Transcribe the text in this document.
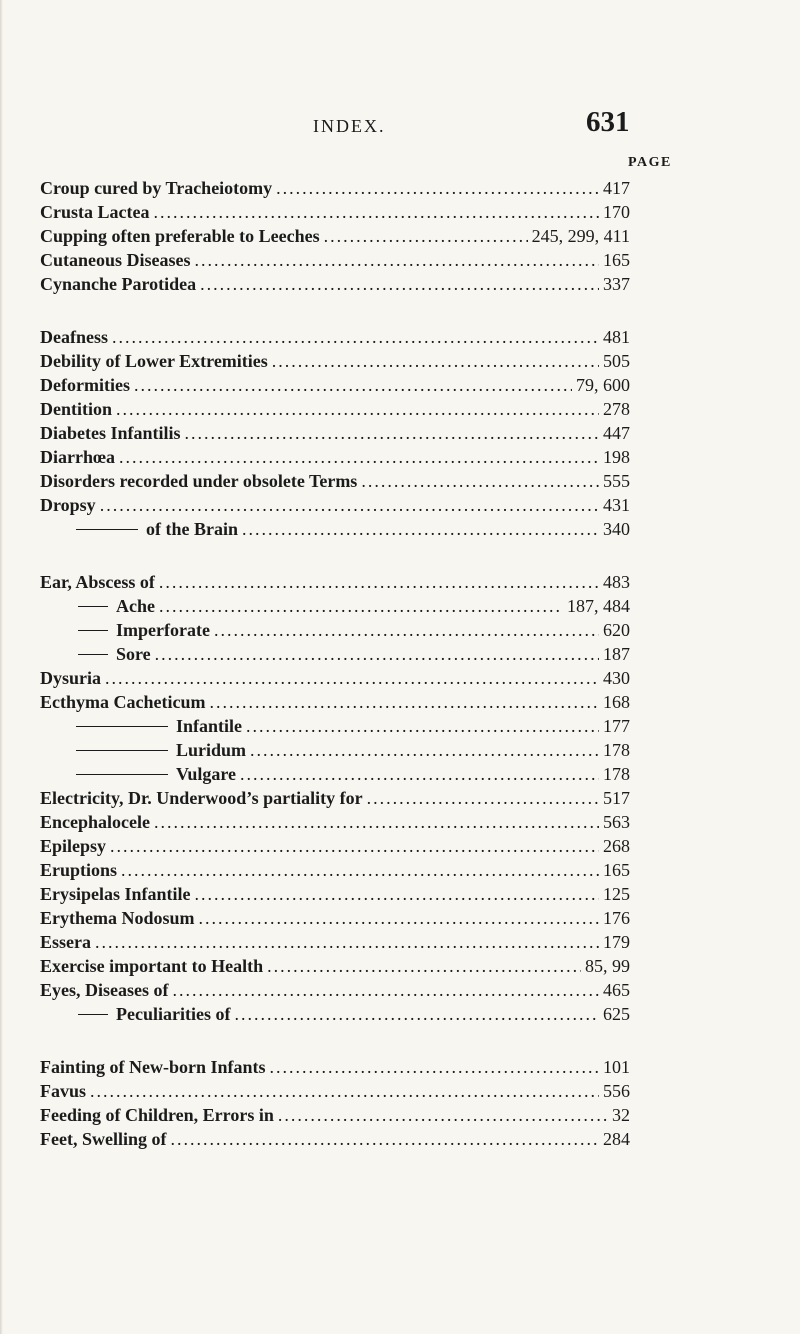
INDEX.	631
PAGE
Croup cured by Tracheiotomy .....	417
Crusta Lactea .....	170
Cupping often preferable to Leeches .....	245, 299, 411
Cutaneous Diseases .....	165
Cynanche Parotidea .....	337
Deafness .....	481
Debility of Lower Extremities .....	505
Deformities .....	79, 600
Dentition .....	278
Diabetes Infantilis .....	447
Diarrhœa .....	198
Disorders recorded under obsolete Terms .....	555
Dropsy .....	431
of the Brain .....	340
Ear, Abscess of .....	483
Ache .....	187, 484
Imperforate .....	620
Sore .....	187
Dysuria .....	430
Ecthyma Cacheticum .....	168
Infantile .....	177
Luridum .....	178
Vulgare .....	178
Electricity, Dr. Underwood’s partiality for .....	517
Encephalocele .....	563
Epilepsy .....	268
Eruptions .....	165
Erysipelas Infantile .....	125
Erythema Nodosum .....	176
Essera .....	179
Exercise important to Health .....	85, 99
Eyes, Diseases of .....	465
Peculiarities of .....	625
Fainting of New-born Infants .....	101
Favus .....	556
Feeding of Children, Errors in .....	32
Feet, Swelling of .....	284
